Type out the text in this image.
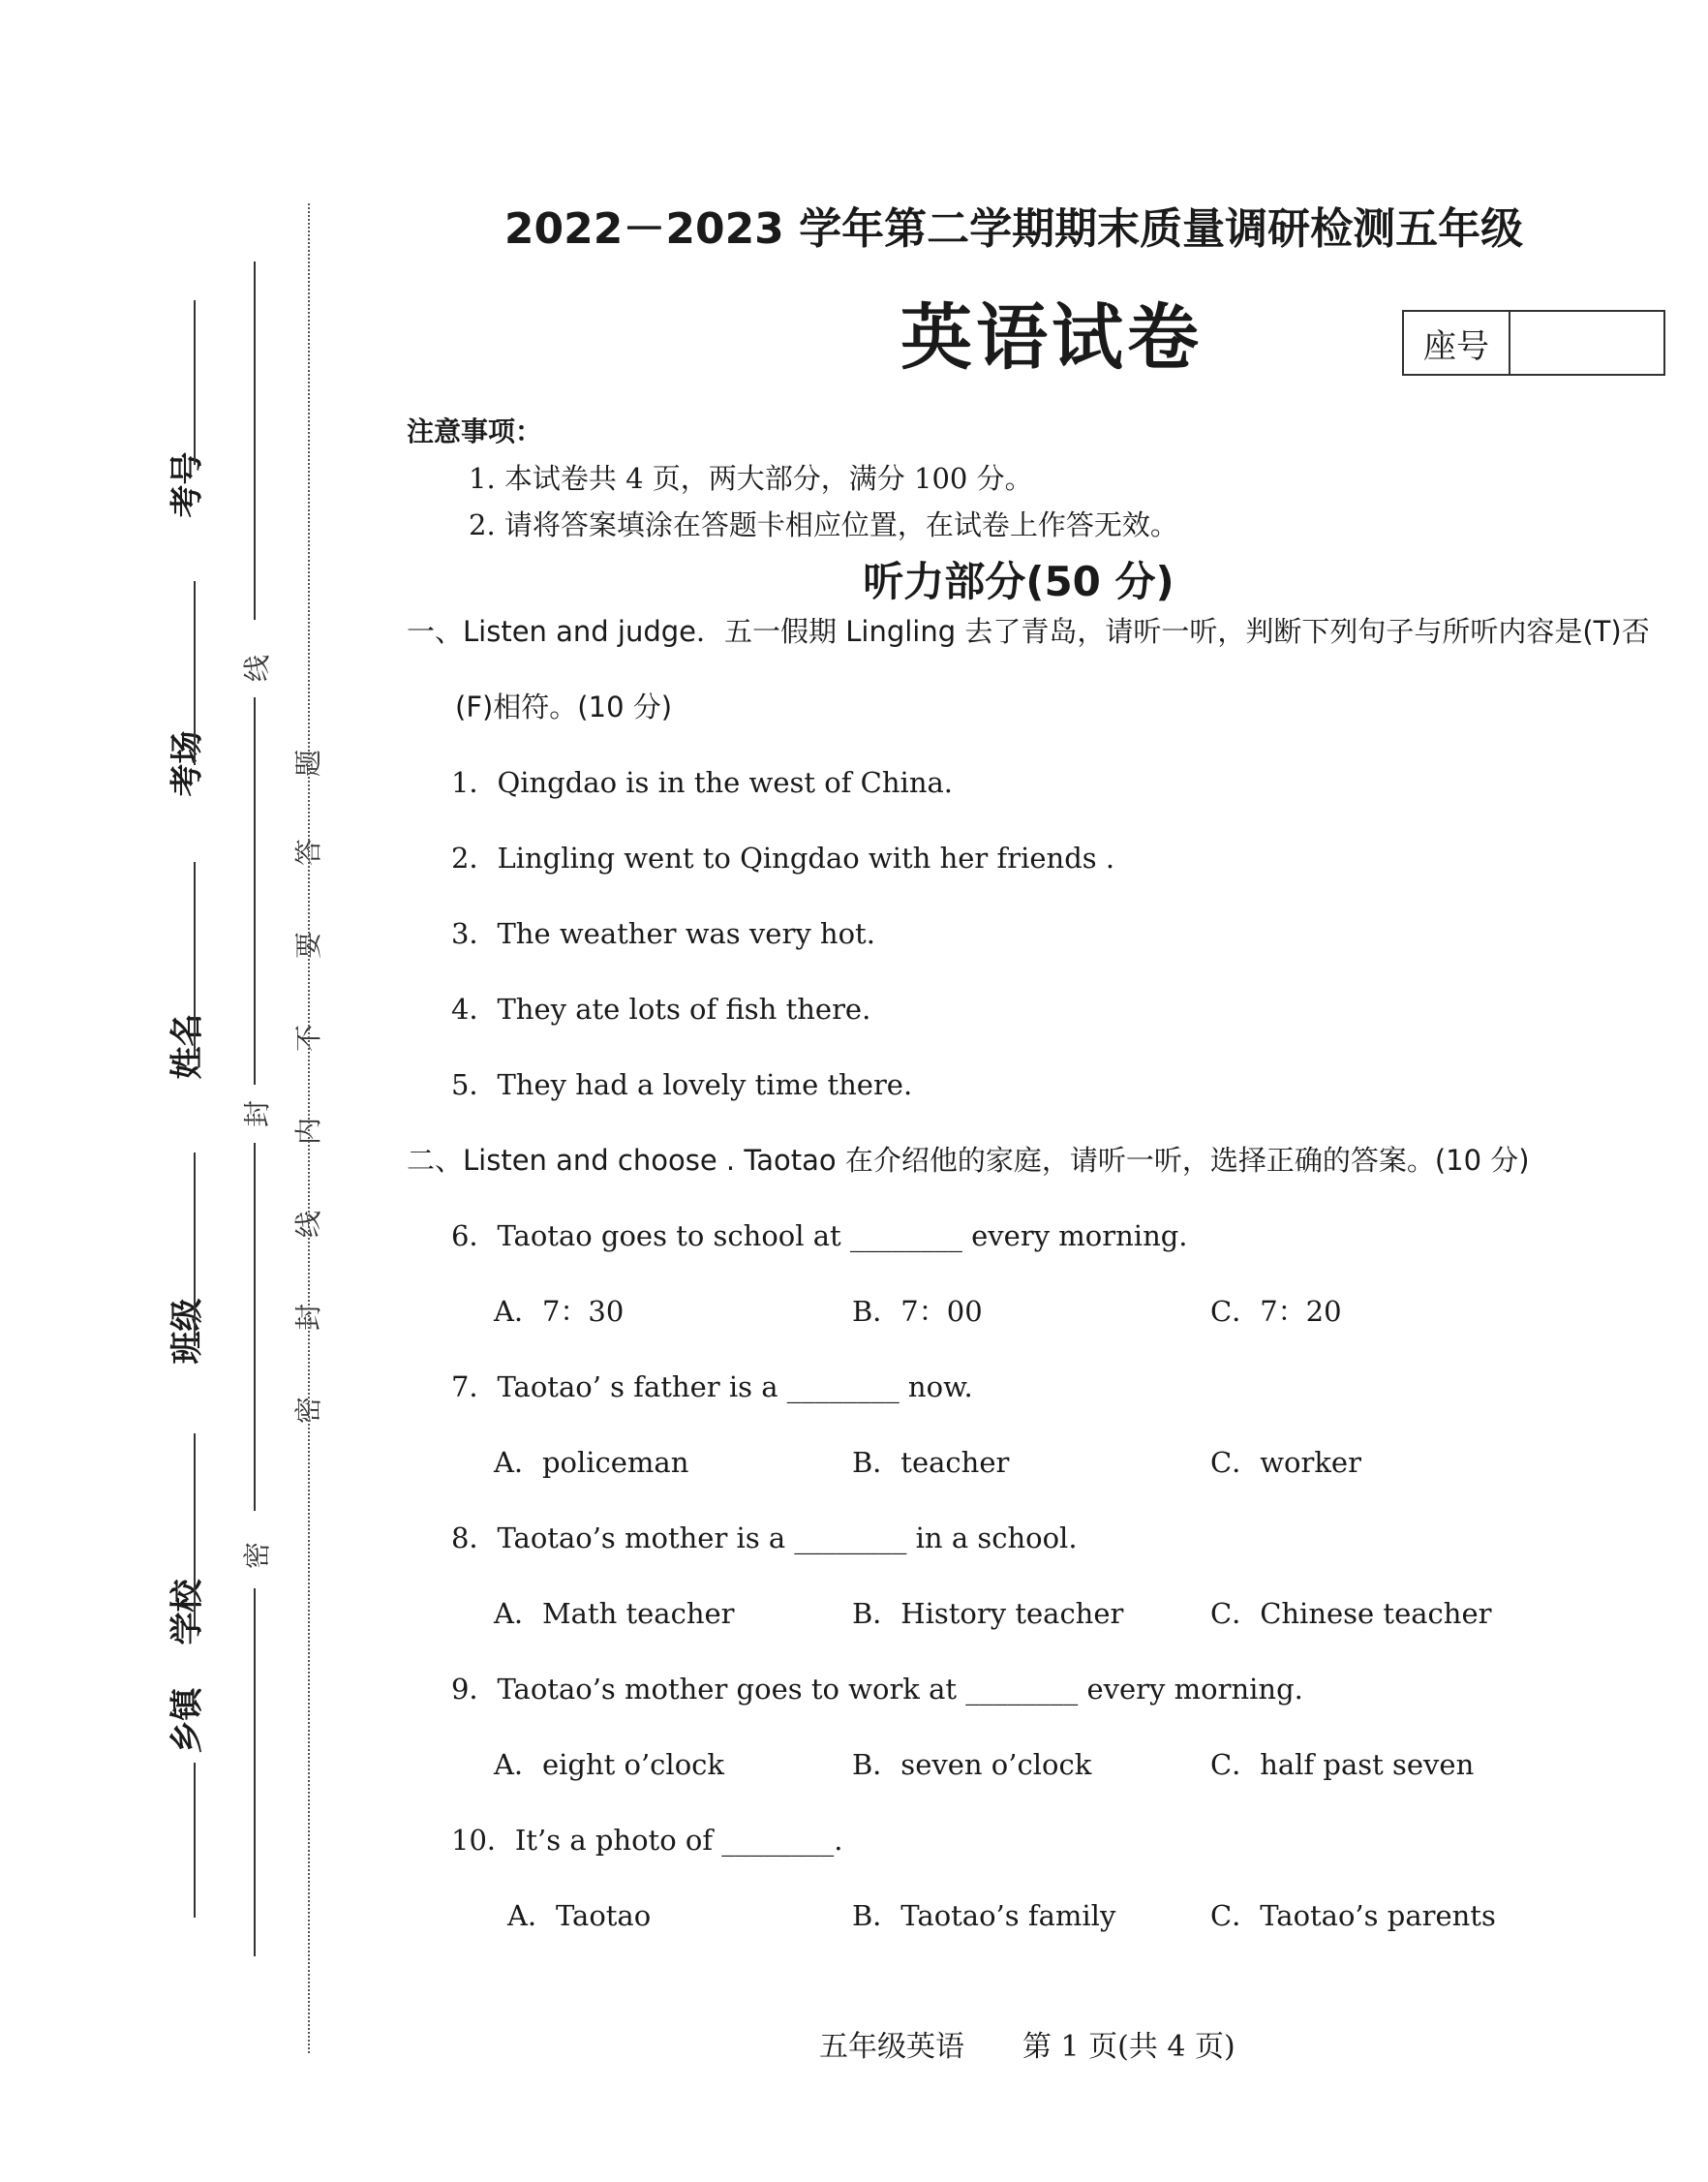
考号
考场
姓名
班级
学校
乡镇
线
封
密
题
答
要
不
内
线
封
密
2022－2023 学年第二学期期末质量调研检测五年级
英语试卷	座号
注意事项：
1. 本试卷共 4 页，两大部分，满分 100 分。
2. 请将答案填涂在答题卡相应位置，在试卷上作答无效。
听力部分(50 分)
一、Listen and judge．五一假期 Lingling 去了青岛，请听一听，判断下列句子与所听内容是(T)否
(F)相符。(10 分)
1．Qingdao is in the west of China.
2．Lingling went to Qingdao with her friends .
3．The weather was very hot.
4．They ate lots of fish there.
5．They had a lovely time there.
二、Listen and choose . Taotao 在介绍他的家庭，请听一听，选择正确的答案。(10 分)
6．Taotao goes to school at ________ every morning.
A．7：30	B．7：00	C．7：20
7．Taotao’ s father is a ________ now.
A．policeman	B．teacher	C．worker
8．Taotao’s mother is a ________ in a school.
A．Math teacher	B．History teacher	C．Chinese teacher
9．Taotao’s mother goes to work at ________ every morning.
A．eight o’clock	B．seven o’clock	C．half past seven
10．It’s a photo of ________.
A．Taotao	B．Taotao’s family	C．Taotao’s parents
五年级英语 第 1 页(共 4 页)
